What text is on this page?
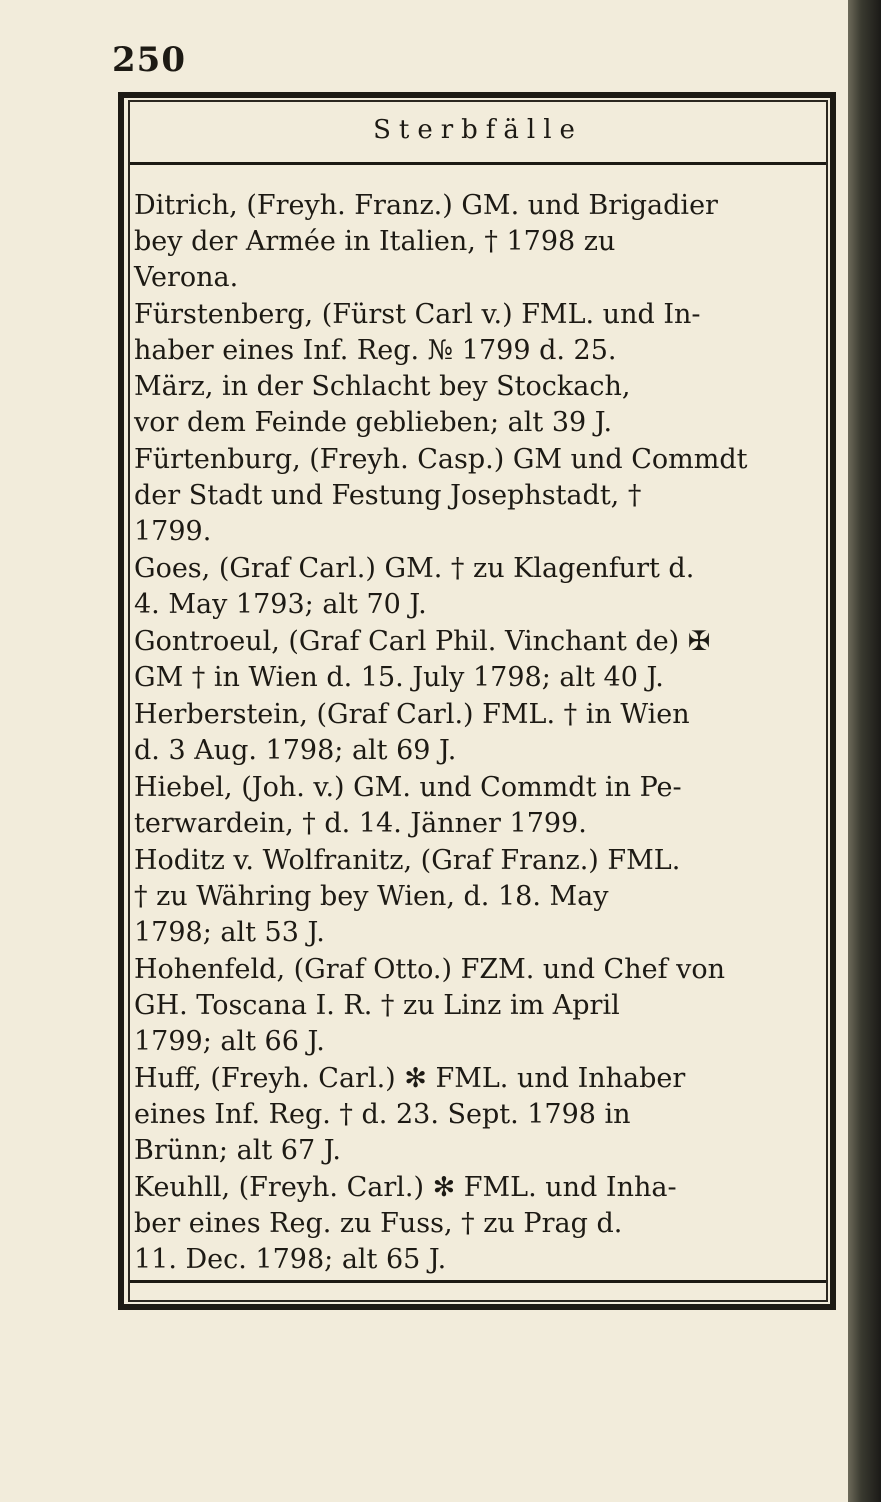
250
Sterbfälle
Ditrich, (Freyh. Franz.) GM. und Brigadier
bey der Armée in Italien, † 1798 zu
Verona.
Fürstenberg, (Fürst Carl v.) FML. und In-
haber eines Inf. Reg. № 1799 d. 25.
März, in der Schlacht bey Stockach,
vor dem Feinde geblieben; alt 39 J.
Fürtenburg, (Freyh. Casp.) GM und Commdt
der Stadt und Festung Josephstadt, †
1799.
Goes, (Graf Carl.) GM. † zu Klagenfurt d.
4. May 1793; alt 70 J.
Gontroeul, (Graf Carl Phil. Vinchant de) ✠
GM † in Wien d. 15. July 1798; alt 40 J.
Herberstein, (Graf Carl.) FML. † in Wien
d. 3 Aug. 1798; alt 69 J.
Hiebel, (Joh. v.) GM. und Commdt in Pe-
terwardein, † d. 14. Jänner 1799.
Hoditz v. Wolfranitz, (Graf Franz.) FML.
† zu Währing bey Wien, d. 18. May
1798; alt 53 J.
Hohenfeld, (Graf Otto.) FZM. und Chef von
GH. Toscana I. R. † zu Linz im April
1799; alt 66 J.
Huff, (Freyh. Carl.) ✻ FML. und Inhaber
eines Inf. Reg. † d. 23. Sept. 1798 in
Brünn; alt 67 J.
Keuhll, (Freyh. Carl.) ✻ FML. und Inha-
ber eines Reg. zu Fuss, † zu Prag d.
11. Dec. 1798; alt 65 J.
